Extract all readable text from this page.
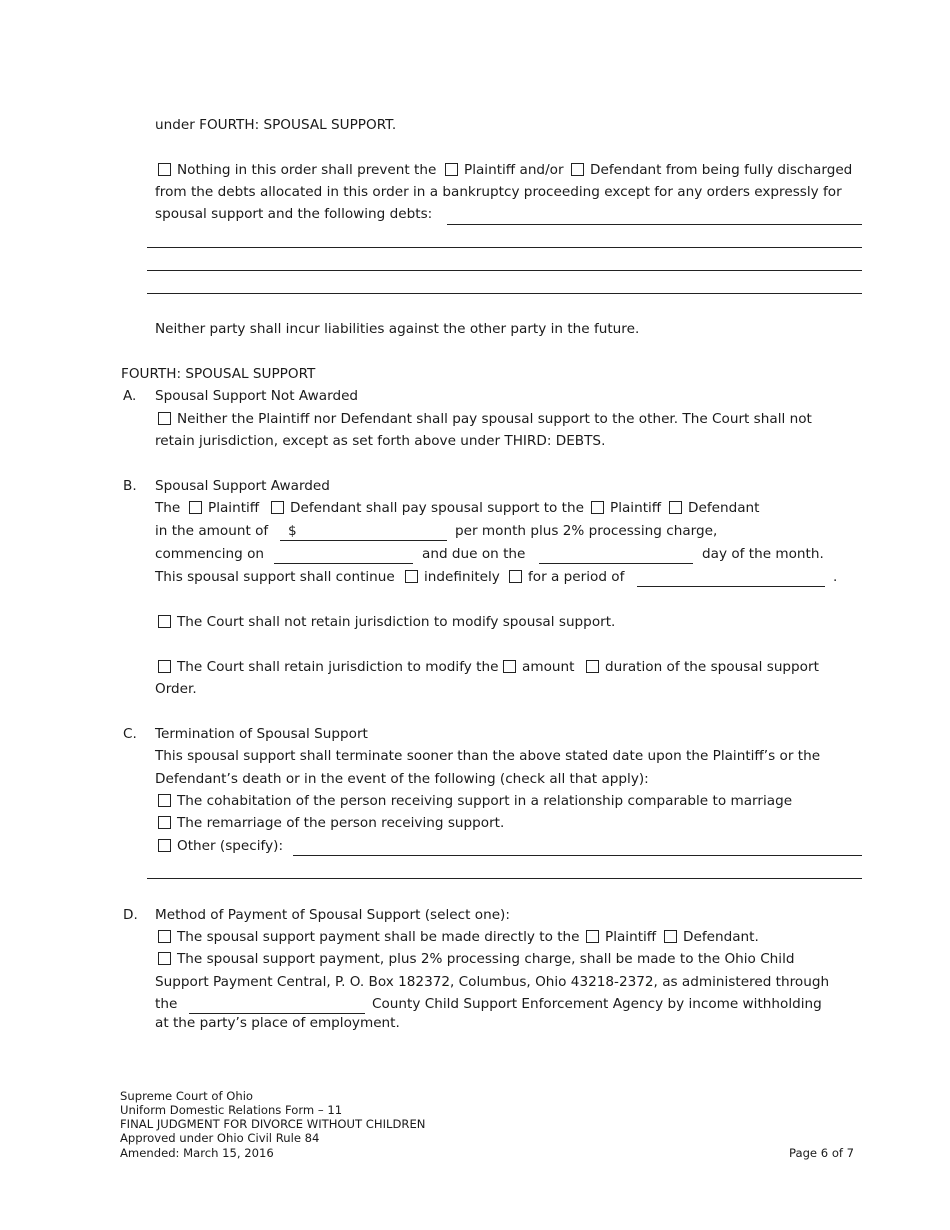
under FOURTH: SPOUSAL SUPPORT.
Nothing in this order shall prevent the Plaintiff and/or Defendant from being fully discharged
from the debts allocated in this order in a bankruptcy proceeding except for any orders expressly for
spousal support and the following debts:
Neither party shall incur liabilities against the other party in the future.
FOURTH: SPOUSAL SUPPORT
A. Spousal Support Not Awarded
Neither the Plaintiff nor Defendant shall pay spousal support to the other. The Court shall not
retain jurisdiction, except as set forth above under THIRD: DEBTS.
B. Spousal Support Awarded
The Plaintiff Defendant shall pay spousal support to the Plaintiff Defendant
in the amount of $	per month plus 2% processing charge,
commencing on	and due on the	day of the month.
This spousal support shall continue indefinitely for a period of	.
The Court shall not retain jurisdiction to modify spousal support.
The Court shall retain jurisdiction to modify the amount duration of the spousal support
Order.
C. Termination of Spousal Support
This spousal support shall terminate sooner than the above stated date upon the Plaintiff’s or the
Defendant’s death or in the event of the following (check all that apply):
The cohabitation of the person receiving support in a relationship comparable to marriage
The remarriage of the person receiving support.
Other (specify):
D. Method of Payment of Spousal Support (select one):
The spousal support payment shall be made directly to the Plaintiff Defendant.
The spousal support payment, plus 2% processing charge, shall be made to the Ohio Child
Support Payment Central, P. O. Box 182372, Columbus, Ohio 43218-2372, as administered through
the	County Child Support Enforcement Agency by income withholding
at the party’s place of employment.
Supreme Court of Ohio
Uniform Domestic Relations Form – 11
FINAL JUDGMENT FOR DIVORCE WITHOUT CHILDREN
Approved under Ohio Civil Rule 84
Amended: March 15, 2016	Page 6 of 7
